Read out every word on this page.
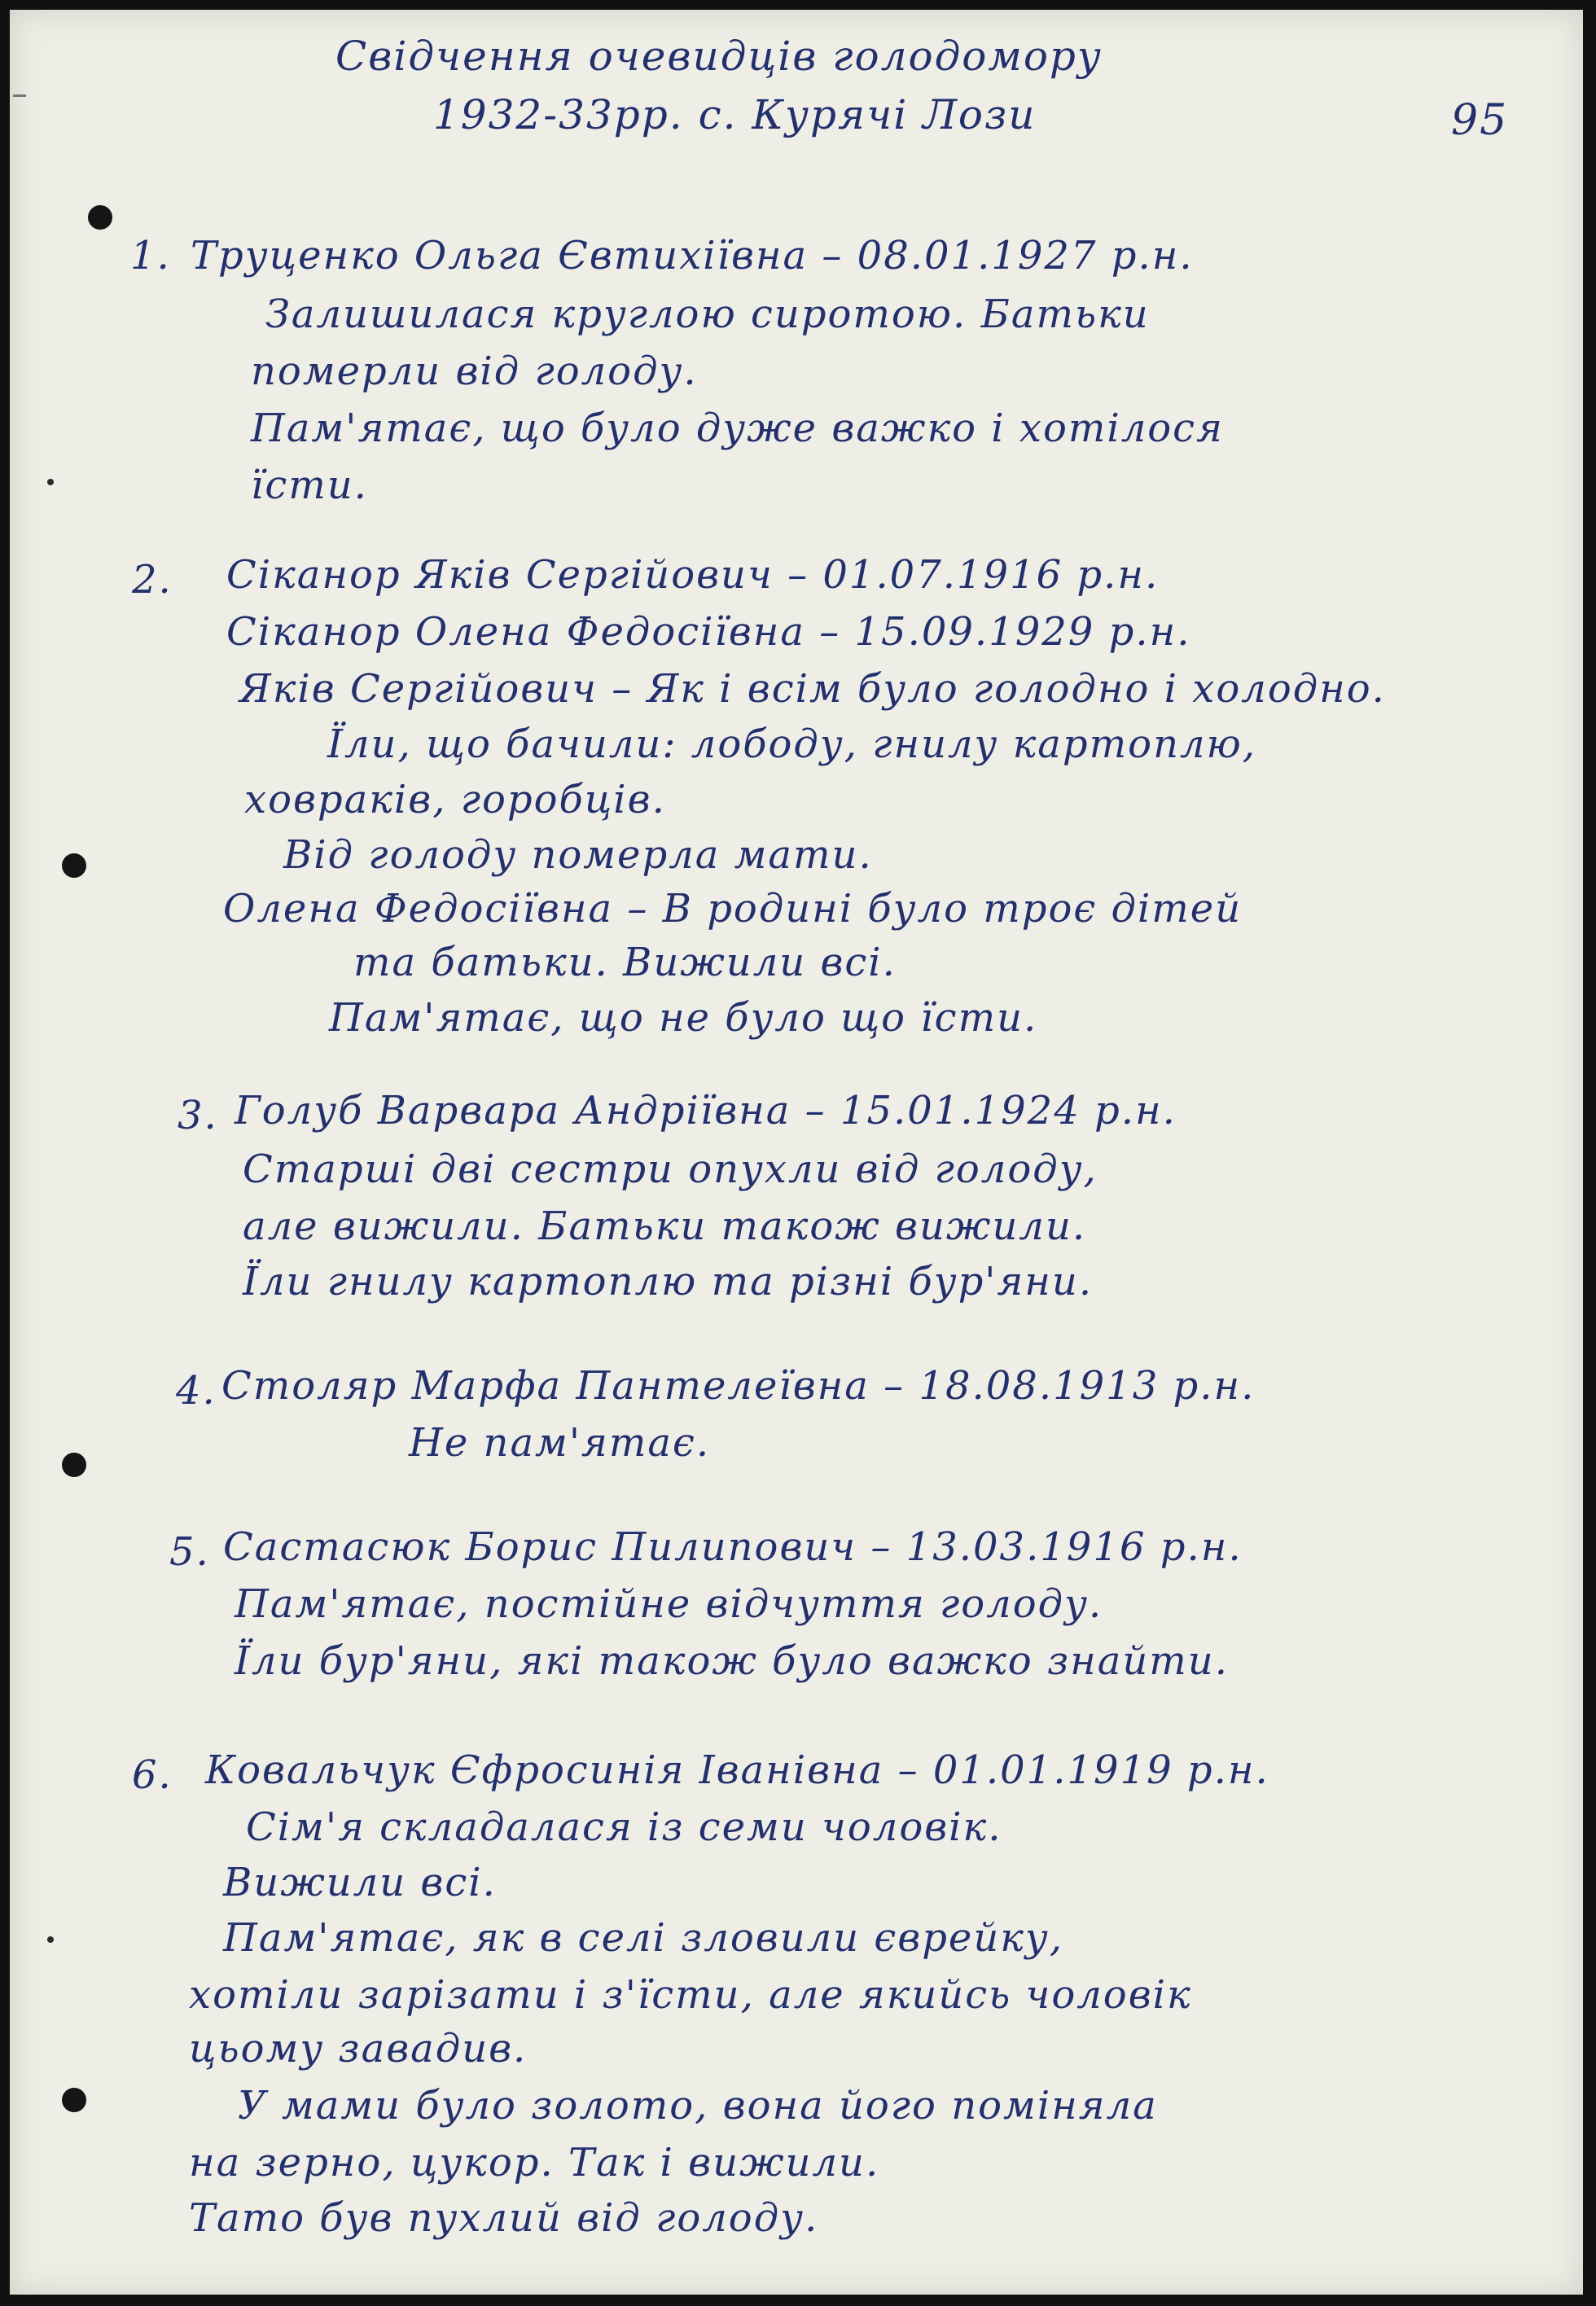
Свідчення очевидців голодомору
1932-33рр. с. Курячі Лози	95
1. Труценко Ольга Євтихіївна – 08.01.1927 р.н.
Залишилася круглою сиротою. Батьки
померли від голоду.
Пам'ятає, що було дуже важко і хотілося
їсти.
2. Сіканор Яків Сергійович – 01.07.1916 р.н.
Сіканор Олена Федосіївна – 15.09.1929 р.н.
Яків Сергійович – Як і всім було голодно і холодно.
Їли, що бачили: лободу, гнилу картоплю,
ховраків, горобців.
Від голоду померла мати.
Олена Федосіївна – В родині було троє дітей
та батьки. Вижили всі.
Пам'ятає, що не було що їсти.
3. Голуб Варвара Андріївна – 15.01.1924 р.н.
Старші дві сестри опухли від голоду,
але вижили. Батьки також вижили.
Їли гнилу картоплю та різні бур'яни.
4. Столяр Марфа Пантелеївна – 18.08.1913 р.н.
Не пам'ятає.
5. Састасюк Борис Пилипович – 13.03.1916 р.н.
Пам'ятає, постійне відчуття голоду.
Їли бур'яни, які також було важко знайти.
6. Ковальчук Єфросинія Іванівна – 01.01.1919 р.н.
Сім'я складалася із семи чоловік.
Вижили всі.
Пам'ятає, як в селі зловили єврейку,
хотіли зарізати і з'їсти, але якийсь чоловік
цьому завадив.
У мами було золото, вона його поміняла
на зерно, цукор. Так і вижили.
Тато був пухлий від голоду.
